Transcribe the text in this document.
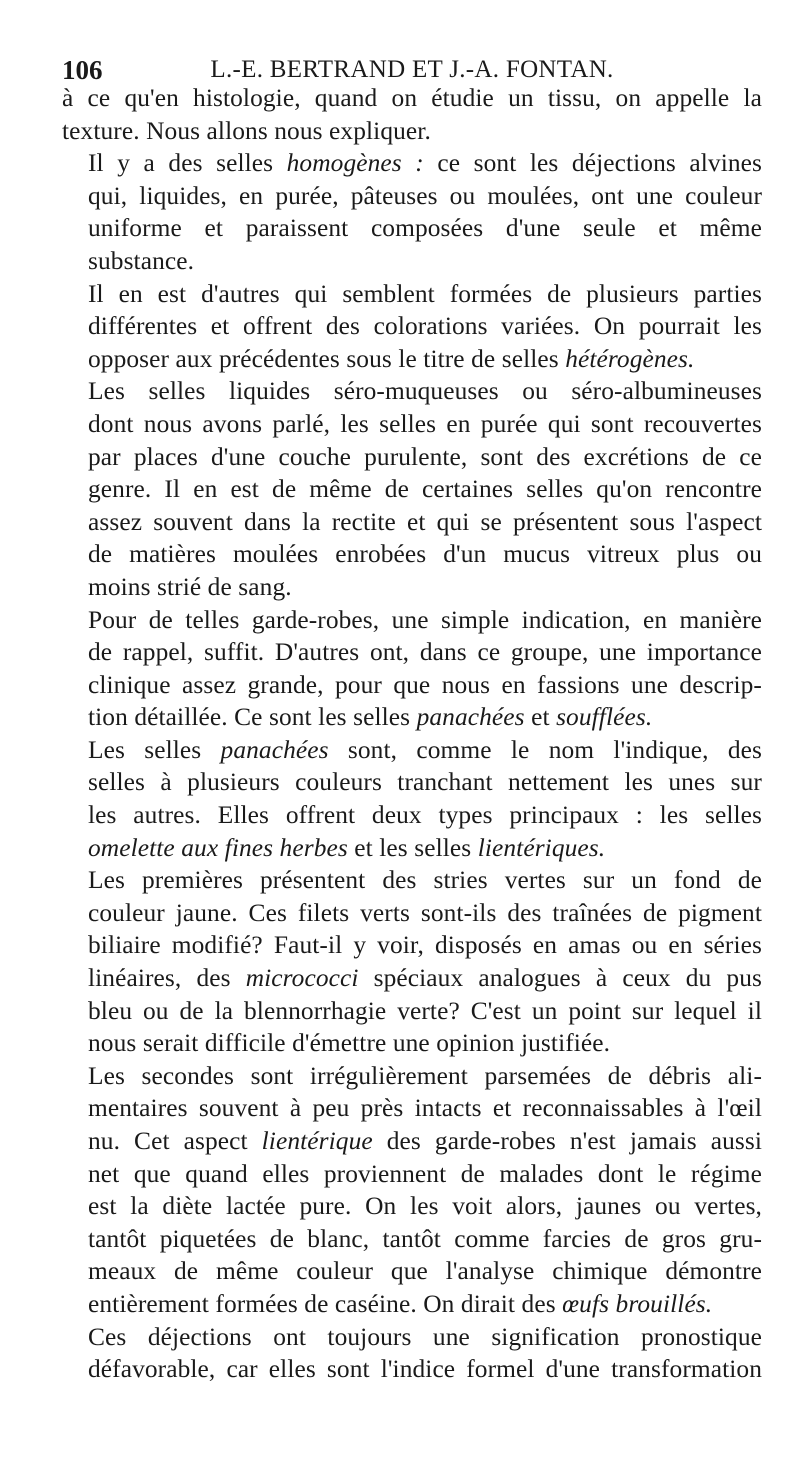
106	L.-E. BERTRAND ET J.-A. FONTAN.

à ce qu'en histologie, quand on étudie un tissu, on appelle la
texture. Nous allons nous expliquer.

Il y a des selles homogènes : ce sont les déjections alvines
qui, liquides, en purée, pâteuses ou moulées, ont une couleur
uniforme et paraissent composées d'une seule et même
substance.

Il en est d'autres qui semblent formées de plusieurs parties
différentes et offrent des colorations variées. On pourrait les
opposer aux précédentes sous le titre de selles hétérogènes.

Les selles liquides séro-muqueuses ou séro-albumineuses
dont nous avons parlé, les selles en purée qui sont recouvertes
par places d'une couche purulente, sont des excrétions de ce
genre. Il en est de même de certaines selles qu'on rencontre
assez souvent dans la rectite et qui se présentent sous l'aspect
de matières moulées enrobées d'un mucus vitreux plus ou
moins strié de sang.

Pour de telles garde-robes, une simple indication, en manière
de rappel, suffit. D'autres ont, dans ce groupe, une importance
clinique assez grande, pour que nous en fassions une descrip-
tion détaillée. Ce sont les selles panachées et soufflées.

Les selles panachées sont, comme le nom l'indique, des
selles à plusieurs couleurs tranchant nettement les unes sur
les autres. Elles offrent deux types principaux : les selles
omelette aux fines herbes et les selles lientériques.

Les premières présentent des stries vertes sur un fond de
couleur jaune. Ces filets verts sont-ils des traînées de pigment
biliaire modifié? Faut-il y voir, disposés en amas ou en séries
linéaires, des micrococci spéciaux analogues à ceux du pus
bleu ou de la blennorrhagie verte? C'est un point sur lequel il
nous serait difficile d'émettre une opinion justifiée.

Les secondes sont irrégulièrement parsemées de débris ali-
mentaires souvent à peu près intacts et reconnaissables à l'œil
nu. Cet aspect lientérique des garde-robes n'est jamais aussi
net que quand elles proviennent de malades dont le régime
est la diète lactée pure. On les voit alors, jaunes ou vertes,
tantôt piquetées de blanc, tantôt comme farcies de gros gru-
meaux de même couleur que l'analyse chimique démontre
entièrement formées de caséine. On dirait des œufs brouillés.

Ces déjections ont toujours une signification pronostique
défavorable, car elles sont l'indice formel d'une transformation
